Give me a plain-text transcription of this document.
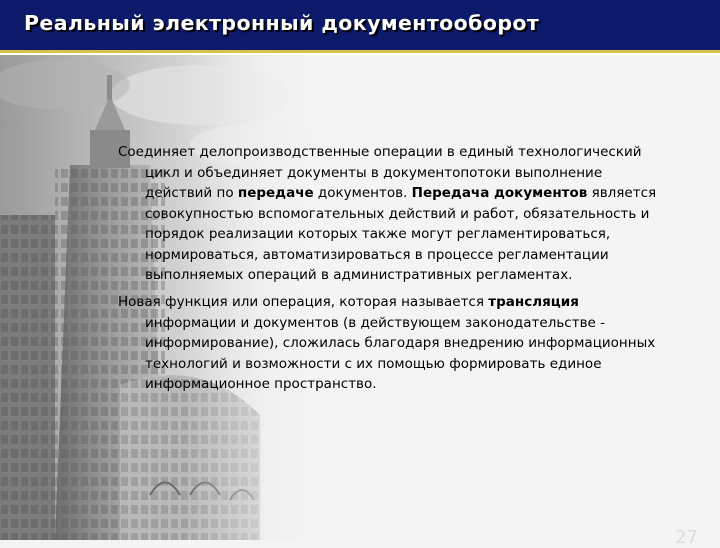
Реальный электронный документооборот
Соединяет делопроизводственные операции в единый технологический цикл и объединяет документы в документопотоки выполнение действий по передаче документов. Передача документов является совокупностью вспомогательных действий и работ, обязательность и порядок реализации которых также могут регламентироваться, нормироваться, автоматизироваться в процессе регламентации выполняемых операций в административных регламентах.
Новая функция или операция, которая называется трансляция информации и документов (в действующем законодательстве - информирование), сложилась благодаря внедрению информационных технологий и возможности с их помощью формировать единое информационное пространство.
27
